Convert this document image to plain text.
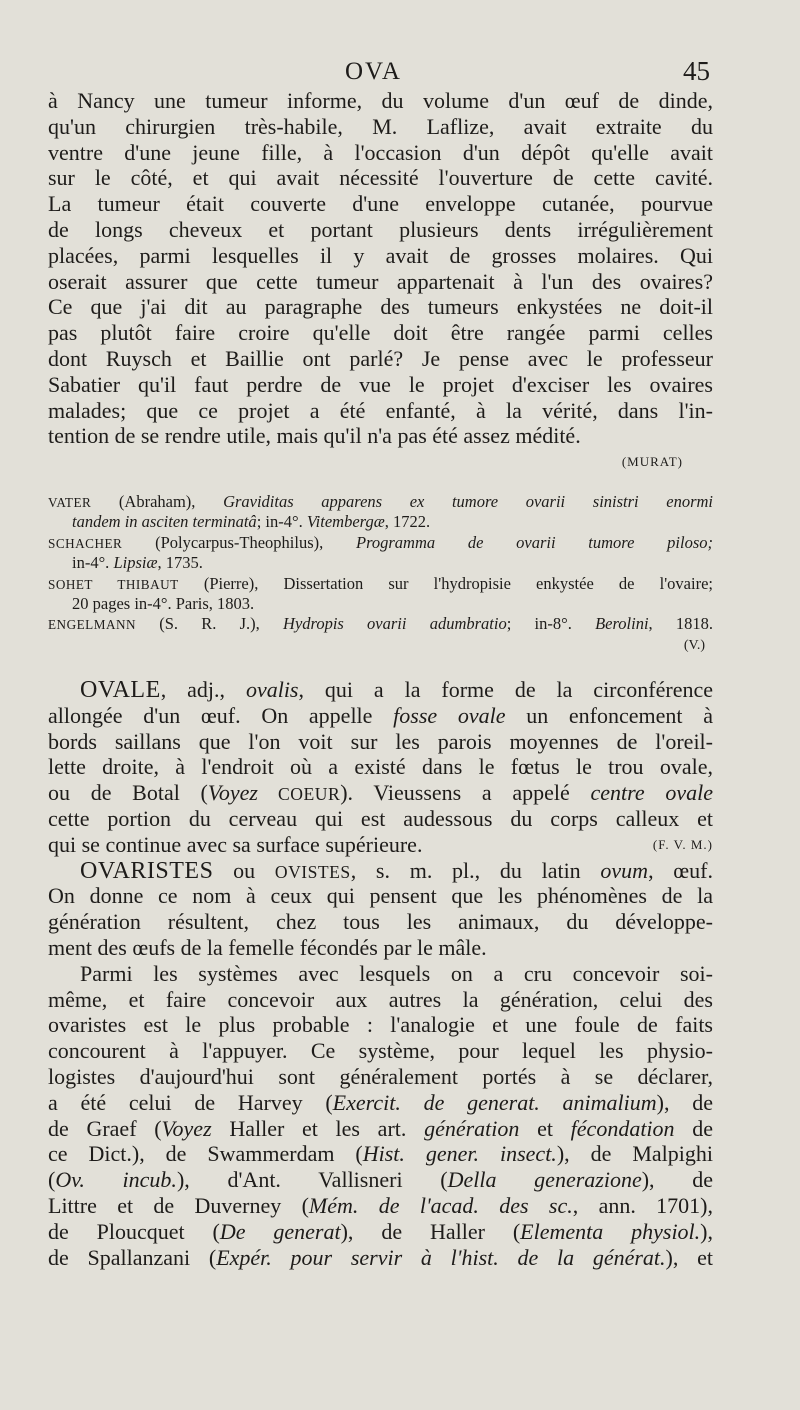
OVA	45
à Nancy une tumeur informe, du volume d'un œuf de dinde,
qu'un chirurgien très-habile, M. Laflize, avait extraite du
ventre d'une jeune fille, à l'occasion d'un dépôt qu'elle avait
sur le côté, et qui avait nécessité l'ouverture de cette cavité.
La tumeur était couverte d'une enveloppe cutanée, pourvue
de longs cheveux et portant plusieurs dents irrégulièrement
placées, parmi lesquelles il y avait de grosses molaires. Qui
oserait assurer que cette tumeur appartenait à l'un des ovaires?
Ce que j'ai dit au paragraphe des tumeurs enkystées ne doit-il
pas plutôt faire croire qu'elle doit être rangée parmi celles
dont Ruysch et Baillie ont parlé? Je pense avec le professeur
Sabatier qu'il faut perdre de vue le projet d'exciser les ovaires
malades; que ce projet a été enfanté, à la vérité, dans l'in-
tention de se rendre utile, mais qu'il n'a pas été assez médité.
(MURAT)
VATER (Abraham), Graviditas apparens ex tumore ovarii sinistri enormi
tandem in asciten terminatâ; in-4°. Vitembergæ, 1722.
SCHACHER (Polycarpus-Theophilus), Programma de ovarii tumore piloso;
in-4°. Lipsiæ, 1735.
SOHET THIBAUT (Pierre), Dissertation sur l'hydropisie enkystée de l'ovaire;
20 pages in-4°. Paris, 1803.
ENGELMANN (S. R. J.), Hydropis ovarii adumbratio; in-8°. Berolini, 1818.
(V.)
OVALE, adj., ovalis, qui a la forme de la circonférence
allongée d'un œuf. On appelle fosse ovale un enfoncement à
bords saillans que l'on voit sur les parois moyennes de l'oreil-
lette droite, à l'endroit où a existé dans le fœtus le trou ovale,
ou de Botal (Voyez COEUR). Vieussens a appelé centre ovale
cette portion du cerveau qui est audessous du corps calleux et
qui se continue avec sa surface supérieure.	(F. V. M.)
OVARISTES ou OVISTES, s. m. pl., du latin ovum, œuf.
On donne ce nom à ceux qui pensent que les phénomènes de la
génération résultent, chez tous les animaux, du développe-
ment des œufs de la femelle fécondés par le mâle.
Parmi les systèmes avec lesquels on a cru concevoir soi-
même, et faire concevoir aux autres la génération, celui des
ovaristes est le plus probable : l'analogie et une foule de faits
concourent à l'appuyer. Ce système, pour lequel les physio-
logistes d'aujourd'hui sont généralement portés à se déclarer,
a été celui de Harvey (Exercit. de generat. animalium), de
de Graef (Voyez Haller et les art. génération et fécondation de
ce Dict.), de Swammerdam (Hist. gener. insect.), de Malpighi
(Ov. incub.), d'Ant. Vallisneri (Della generazione), de
Littre et de Duverney (Mém. de l'acad. des sc., ann. 1701),
de Ploucquet (De generat), de Haller (Elementa physiol.),
de Spallanzani (Expér. pour servir à l'hist. de la générat.), et
